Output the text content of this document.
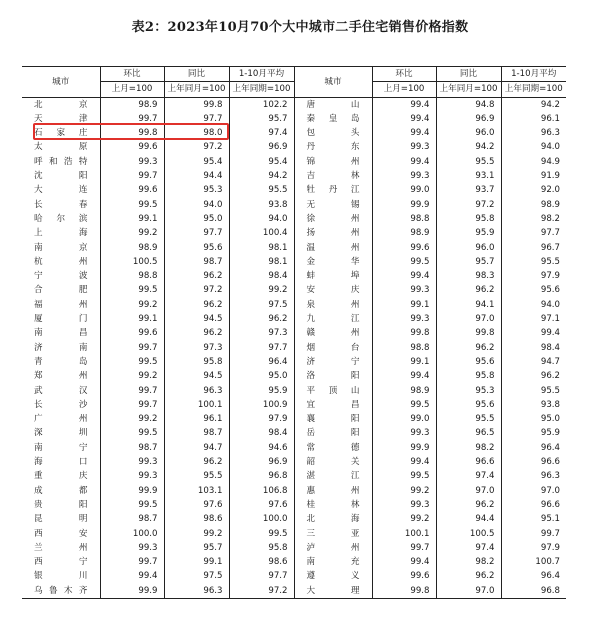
表2：2023年10月70个大中城市二手住宅销售价格指数
城市	环比	同比	1-10月平均	城市	环比	同比	1-10月平均
	上月=100	上年同月=100	上年同期=100		上月=100	上年同月=100	上年同期=100
北京	98.9	99.8	102.2	唐山	99.4	94.8	94.2
天津	99.7	97.7	95.7	秦皇岛	99.4	96.9	96.1
石家庄	99.8	98.0	97.4	包头	99.4	96.0	96.3
太原	99.6	97.2	96.9	丹东	99.3	94.2	94.0
呼和浩特	99.3	95.4	95.4	锦州	99.4	95.5	94.9
沈阳	99.7	94.4	94.2	吉林	99.3	93.1	91.9
大连	99.6	95.3	95.5	牡丹江	99.0	93.7	92.0
长春	99.5	94.0	93.8	无锡	99.9	97.2	98.9
哈尔滨	99.1	95.0	94.0	徐州	98.8	95.8	98.2
上海	99.2	97.7	100.4	扬州	98.9	95.9	97.7
南京	98.9	95.6	98.1	温州	99.6	96.0	96.7
杭州	100.5	98.7	98.1	金华	99.5	95.7	95.5
宁波	98.8	96.2	98.4	蚌埠	99.4	98.3	97.9
合肥	99.5	97.2	99.2	安庆	99.3	96.2	95.6
福州	99.2	96.2	97.5	泉州	99.1	94.1	94.0
厦门	99.1	94.5	96.2	九江	99.3	97.0	97.1
南昌	99.6	96.2	97.3	赣州	99.8	99.8	99.4
济南	99.7	97.3	97.7	烟台	98.8	96.2	98.4
青岛	99.5	95.8	96.4	济宁	99.1	95.6	94.7
郑州	99.2	94.5	95.0	洛阳	99.4	95.8	96.2
武汉	99.7	96.3	95.9	平顶山	98.9	95.3	95.5
长沙	99.7	100.1	100.9	宜昌	99.5	95.6	93.8
广州	99.2	96.1	97.9	襄阳	99.0	95.5	95.0
深圳	99.5	98.7	98.4	岳阳	99.3	96.5	95.9
南宁	98.7	94.7	94.6	常德	99.9	98.2	96.4
海口	99.3	96.2	96.9	韶关	99.4	96.6	96.6
重庆	99.3	95.5	96.8	湛江	99.5	97.4	96.3
成都	99.9	103.1	106.8	惠州	99.2	97.0	97.0
贵阳	99.5	97.6	97.6	桂林	99.3	96.2	96.6
昆明	98.7	98.6	100.0	北海	99.2	94.4	95.1
西安	100.0	99.2	99.5	三亚	100.1	100.5	99.7
兰州	99.3	95.7	95.8	泸州	99.7	97.4	97.9
西宁	99.7	99.1	98.6	南充	99.4	98.2	100.7
银川	99.4	97.5	97.7	遵义	99.6	96.2	96.4
乌鲁木齐	99.9	96.3	97.2	大理	99.8	97.0	96.8
